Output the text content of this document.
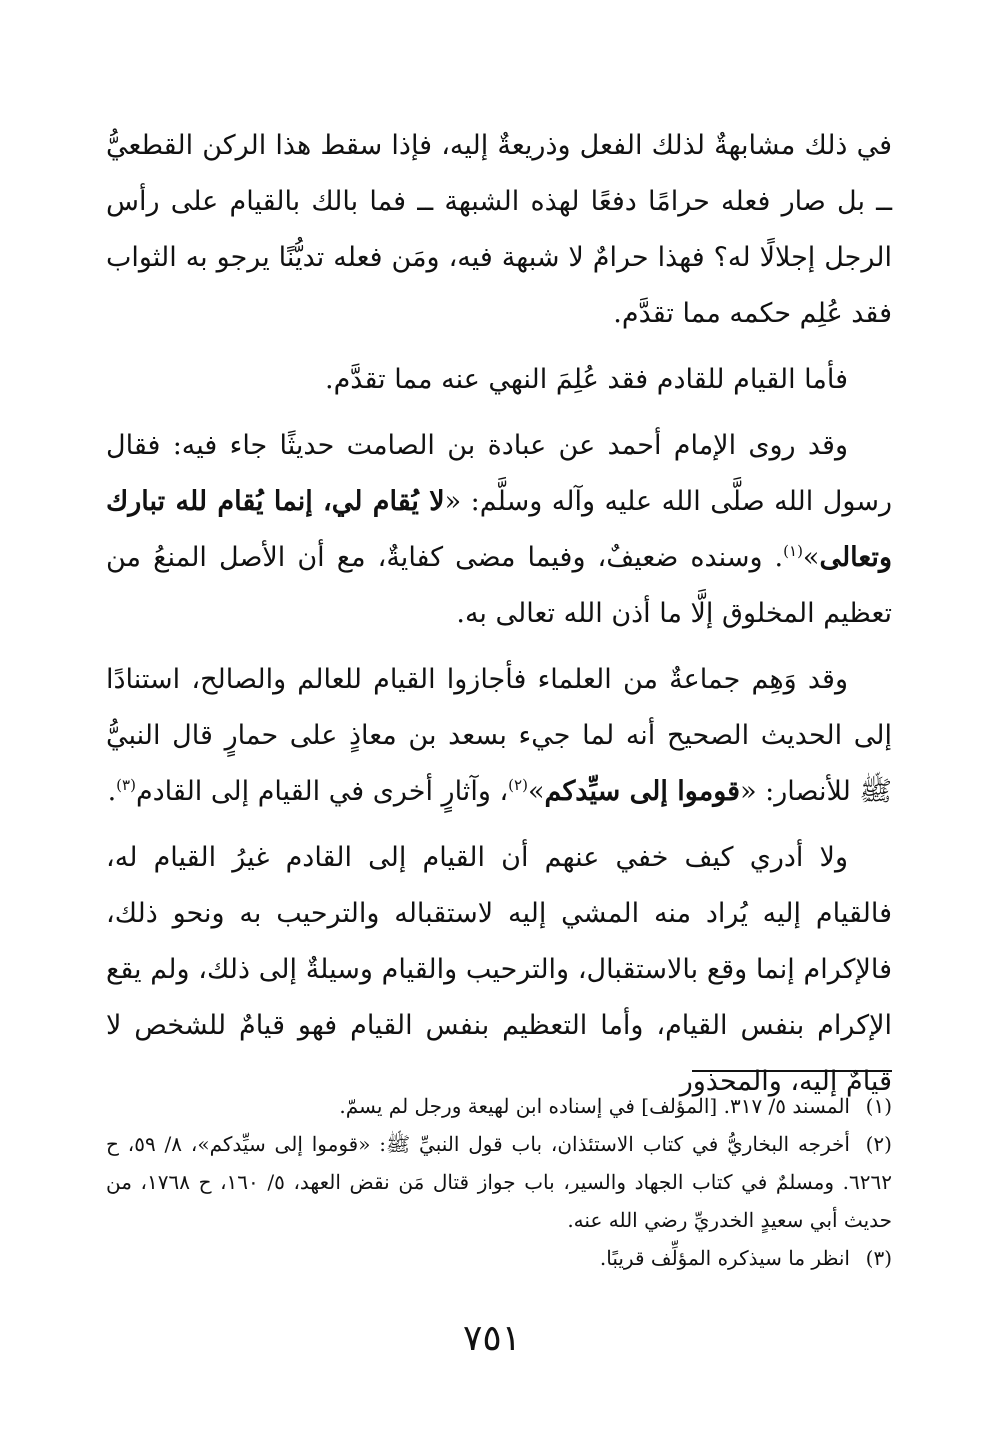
في ذلك مشابهةٌ لذلك الفعل وذريعةٌ إليه، فإذا سقط هذا الركن القطعيُّ ــ بل صار فعله حرامًا دفعًا لهذه الشبهة ــ فما بالك بالقيام على رأس الرجل إجلالًا له؟ فهذا حرامٌ لا شبهة فيه، ومَن فعله تديُّنًا يرجو به الثواب فقد عُلِم حكمه مما تقدَّم.

فأما القيام للقادم فقد عُلِمَ النهي عنه مما تقدَّم.

وقد روى الإمام أحمد عن عبادة بن الصامت حديثًا جاء فيه: فقال رسول الله صلَّى الله عليه وآله وسلَّم: «لا يُقام لي، إنما يُقام لله تبارك وتعالى»$^{(١)}$. وسنده ضعيفٌ، وفيما مضى كفايةٌ، مع أن الأصل المنعُ من تعظيم المخلوق إلَّا ما أذن الله تعالى به.

وقد وَهِم جماعةٌ من العلماء فأجازوا القيام للعالم والصالح، استنادًا إلى الحديث الصحيح أنه لما جيء بسعد بن معاذٍ على حمارٍ قال النبيُّ ﷺ للأنصار: «قوموا إلى سيِّدكم»$^{(٢)}$، وآثارٍ أخرى في القيام إلى القادم$^{(٣)}$.

ولا أدري كيف خفي عنهم أن القيام إلى القادم غيرُ القيام له، فالقيام إليه يُراد منه المشي إليه لاستقباله والترحيب به ونحو ذلك، فالإكرام إنما وقع بالاستقبال، والترحيب والقيام وسيلةٌ إلى ذلك، ولم يقع الإكرام بنفس القيام، وأما التعظيم بنفس القيام فهو قيامٌ للشخص لا قيامٌ إليه، والمحذور

(١)المسند ٥/ ٣١٧. [المؤلف] في إسناده ابن لهيعة ورجل لم يسمّ.

(٢)أخرجه البخاريُّ في كتاب الاستئذان، باب قول النبيِّ ﷺ: «قوموا إلى سيِّدكم»، ٨/ ٥٩، ح ٦٢٦٢. ومسلمٌ في كتاب الجهاد والسير، باب جواز قتال مَن نقض العهد، ٥/ ١٦٠، ح ١٧٦٨، من حديث أبي سعيدٍ الخدريِّ رضي الله عنه.

(٣)انظر ما سيذكره المؤلِّف قريبًا.

٧٥١
